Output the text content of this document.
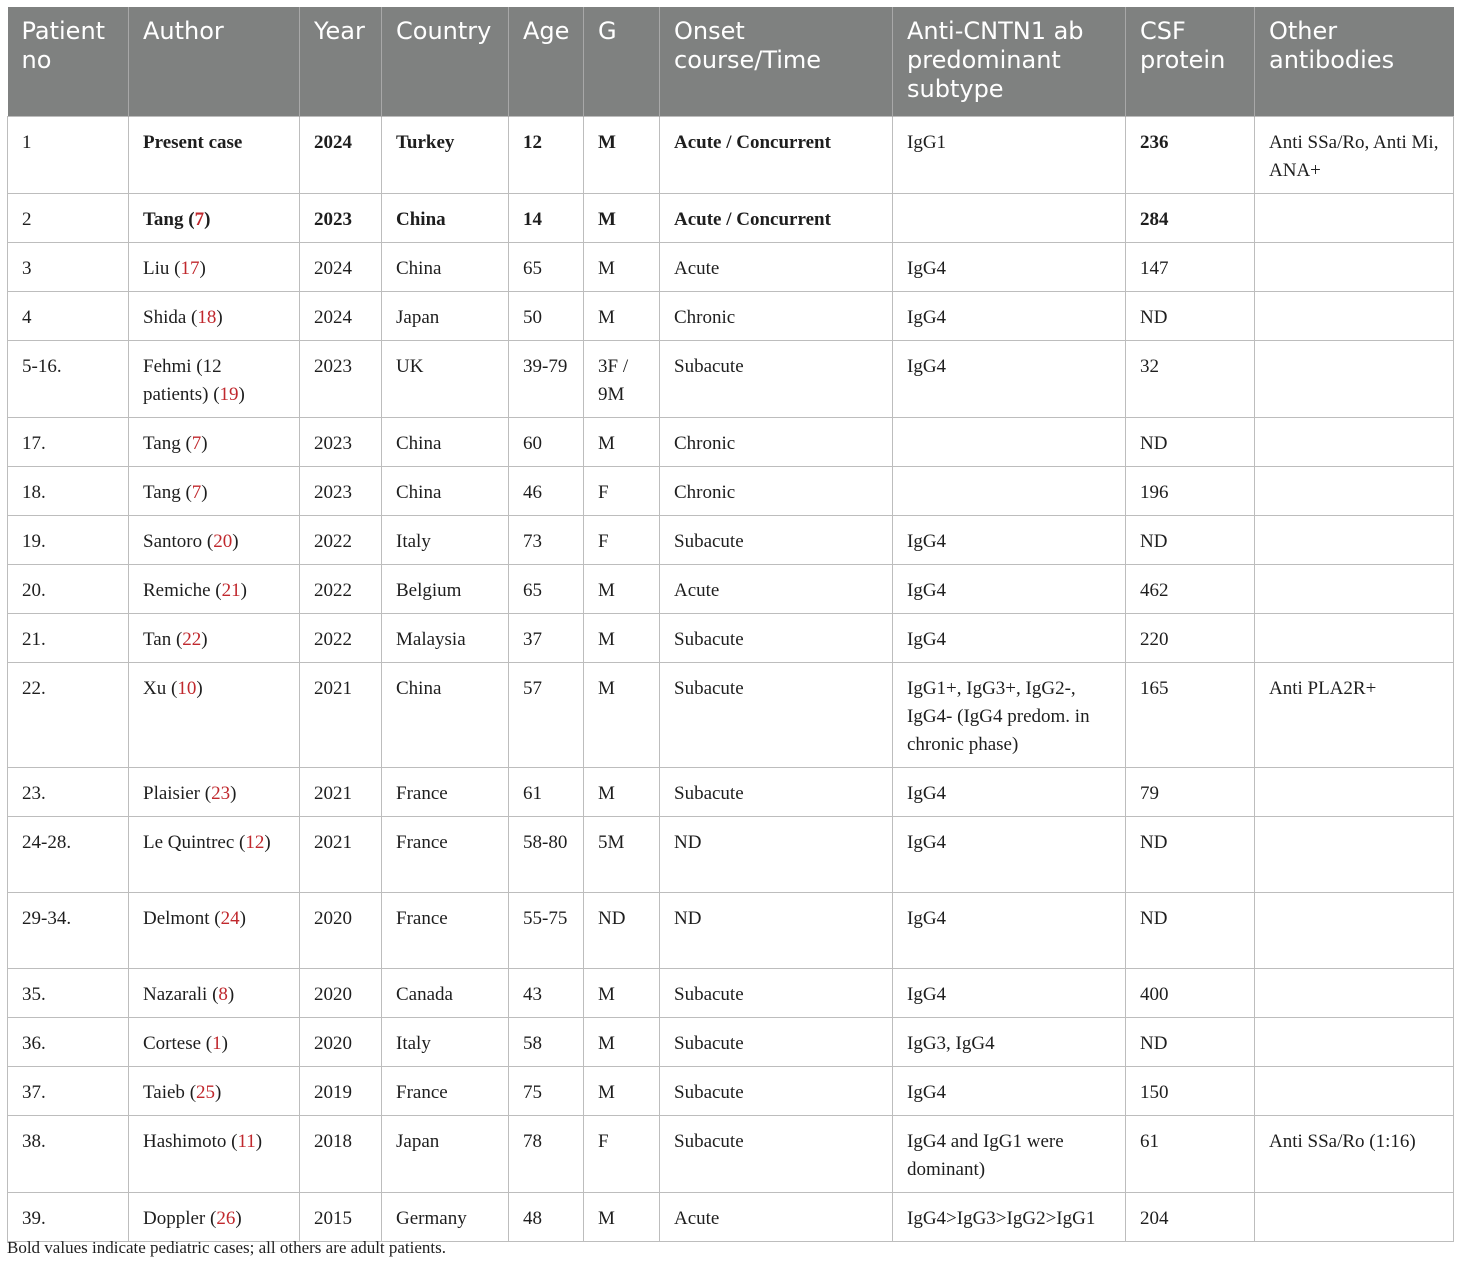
Patient no	Author	Year	Country	Age	G	Onset course/Time	Anti-CNTN1 ab predominant subtype	CSF protein	Other antibodies
1	Present case	2024	Turkey	12	M	Acute / Concurrent	IgG1	236	Anti SSa/Ro, Anti Mi, ANA+
2	Tang (7)	2023	China	14	M	Acute / Concurrent		284	
3	Liu (17)	2024	China	65	M	Acute	IgG4	147	
4	Shida (18)	2024	Japan	50	M	Chronic	IgG4	ND	
5-16.	Fehmi (12 patients) (19)	2023	UK	39-79	3F / 9M	Subacute	IgG4	32	
17.	Tang (7)	2023	China	60	M	Chronic		ND	
18.	Tang (7)	2023	China	46	F	Chronic		196	
19.	Santoro (20)	2022	Italy	73	F	Subacute	IgG4	ND	
20.	Remiche (21)	2022	Belgium	65	M	Acute	IgG4	462	
21.	Tan (22)	2022	Malaysia	37	M	Subacute	IgG4	220	
22.	Xu (10)	2021	China	57	M	Subacute	IgG1+, IgG3+, IgG2-, IgG4- (IgG4 predom. in chronic phase)	165	Anti PLA2R+
23.	Plaisier (23)	2021	France	61	M	Subacute	IgG4	79	
24-28.	Le Quintrec (12)	2021	France	58-80	5M	ND	IgG4	ND	
29-34.	Delmont (24)	2020	France	55-75	ND	ND	IgG4	ND	
35.	Nazarali (8)	2020	Canada	43	M	Subacute	IgG4	400	
36.	Cortese (1)	2020	Italy	58	M	Subacute	IgG3, IgG4	ND	
37.	Taieb (25)	2019	France	75	M	Subacute	IgG4	150	
38.	Hashimoto (11)	2018	Japan	78	F	Subacute	IgG4 and IgG1 were dominant)	61	Anti SSa/Ro (1:16)
39.	Doppler (26)	2015	Germany	48	M	Acute	IgG4>IgG3>IgG2>IgG1	204	
Bold values indicate pediatric cases; all others are adult patients.
